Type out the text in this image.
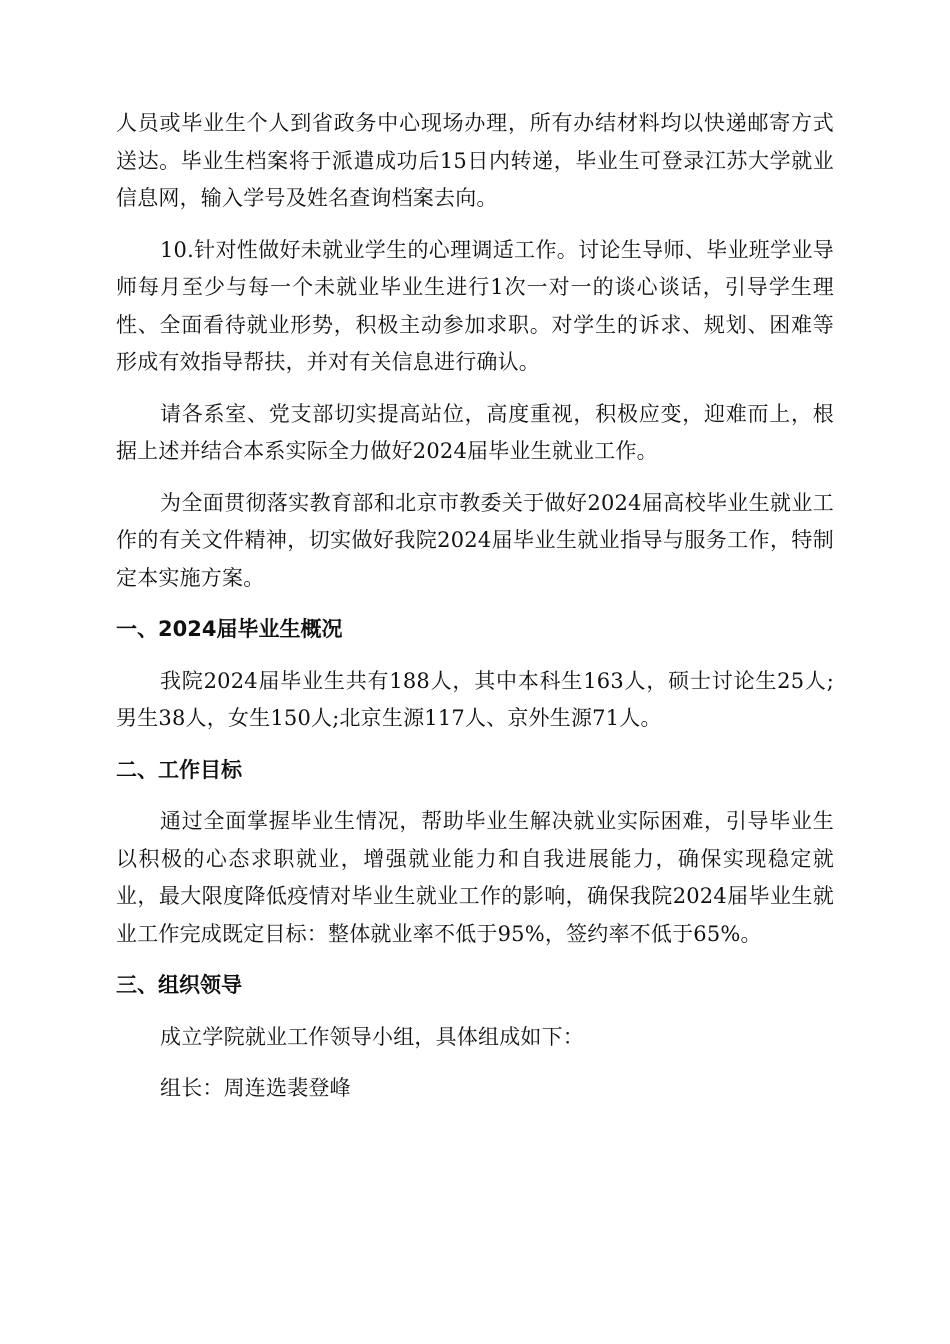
人员或毕业生个人到省政务中心现场办理，所有办结材料均以快递邮寄方式送达。毕业生档案将于派遣成功后15日内转递，毕业生可登录江苏大学就业信息网，输入学号及姓名查询档案去向。

10.针对性做好未就业学生的心理调适工作。讨论生导师、毕业班学业导师每月至少与每一个未就业毕业生进行1次一对一的谈心谈话，引导学生理性、全面看待就业形势，积极主动参加求职。对学生的诉求、规划、困难等形成有效指导帮扶，并对有关信息进行确认。

请各系室、党支部切实提高站位，高度重视，积极应变，迎难而上，根据上述并结合本系实际全力做好2024届毕业生就业工作。

为全面贯彻落实教育部和北京市教委关于做好2024届高校毕业生就业工作的有关文件精神，切实做好我院2024届毕业生就业指导与服务工作，特制定本实施方案。

一、2024届毕业生概况

我院2024届毕业生共有188人，其中本科生163人，硕士讨论生25人;男生38人，女生150人;北京生源117人、京外生源71人。

二、工作目标

通过全面掌握毕业生情况，帮助毕业生解决就业实际困难，引导毕业生以积极的心态求职就业，增强就业能力和自我进展能力，确保实现稳定就业，最大限度降低疫情对毕业生就业工作的影响，确保我院2024届毕业生就业工作完成既定目标：整体就业率不低于95%，签约率不低于65%。

三、组织领导

成立学院就业工作领导小组，具体组成如下：

组长：周连选裴登峰
